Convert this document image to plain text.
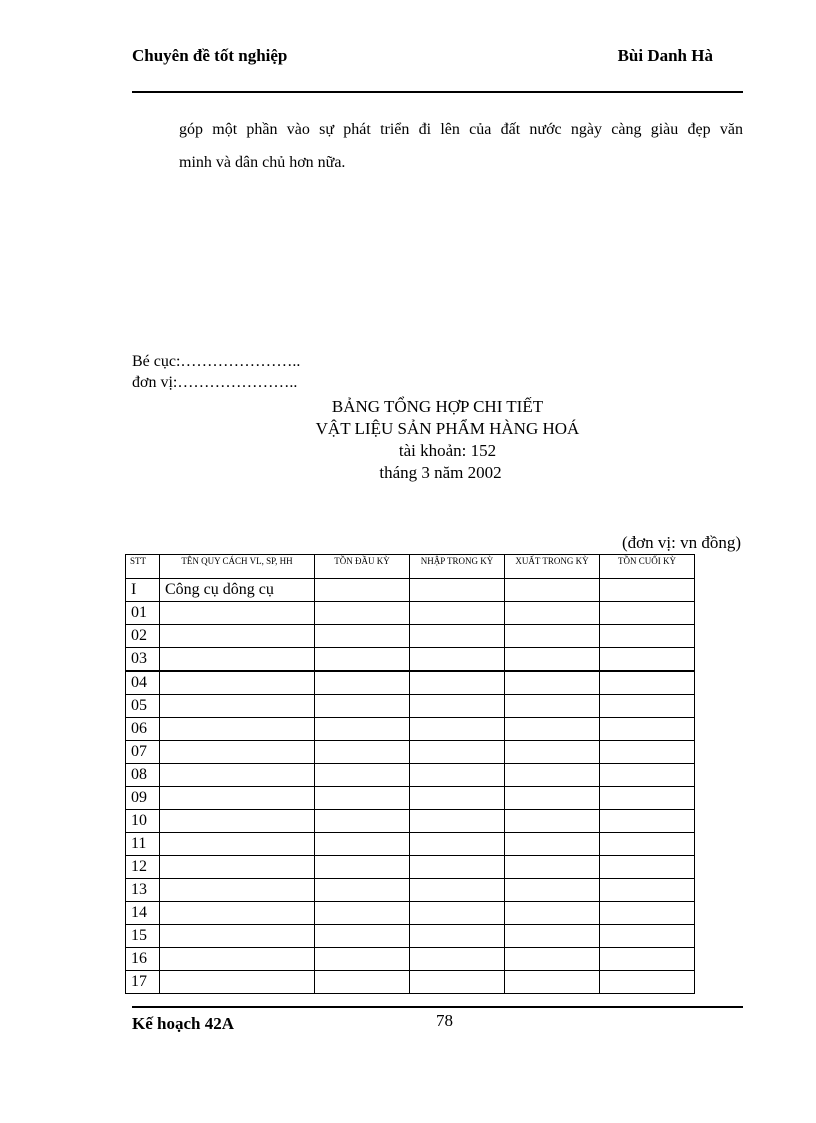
Chuyên đề tốt nghiệp	Bùi Danh Hà

góp một phần vào sự phát triển đi lên của đất nước ngày càng giàu đẹp văn

minh và dân chủ hơn nữa.

Bé cục:…………………..
đơn vị:…………………..
BẢNG TỔNG HỢP CHI TIẾT
VẬT LIỆU SẢN PHẨM HÀNG HOÁ
tài khoản: 152
tháng 3 năm 2002
(đơn vị: vn đồng)
STT	TÊN QUY CÁCH VL, SP, HH	TỒN ĐẦU KỲ	NHẬP TRONG KỲ	XUẤT TRONG KỲ	TỒN CUỐI KỲ
I	Công cụ dông cụ				
01					
02					
03					
04					
05					
06					
07					
08					
09					
10					
11					
12					
13					
14					
15					
16					
17					
Kế hoạch 42A	78
